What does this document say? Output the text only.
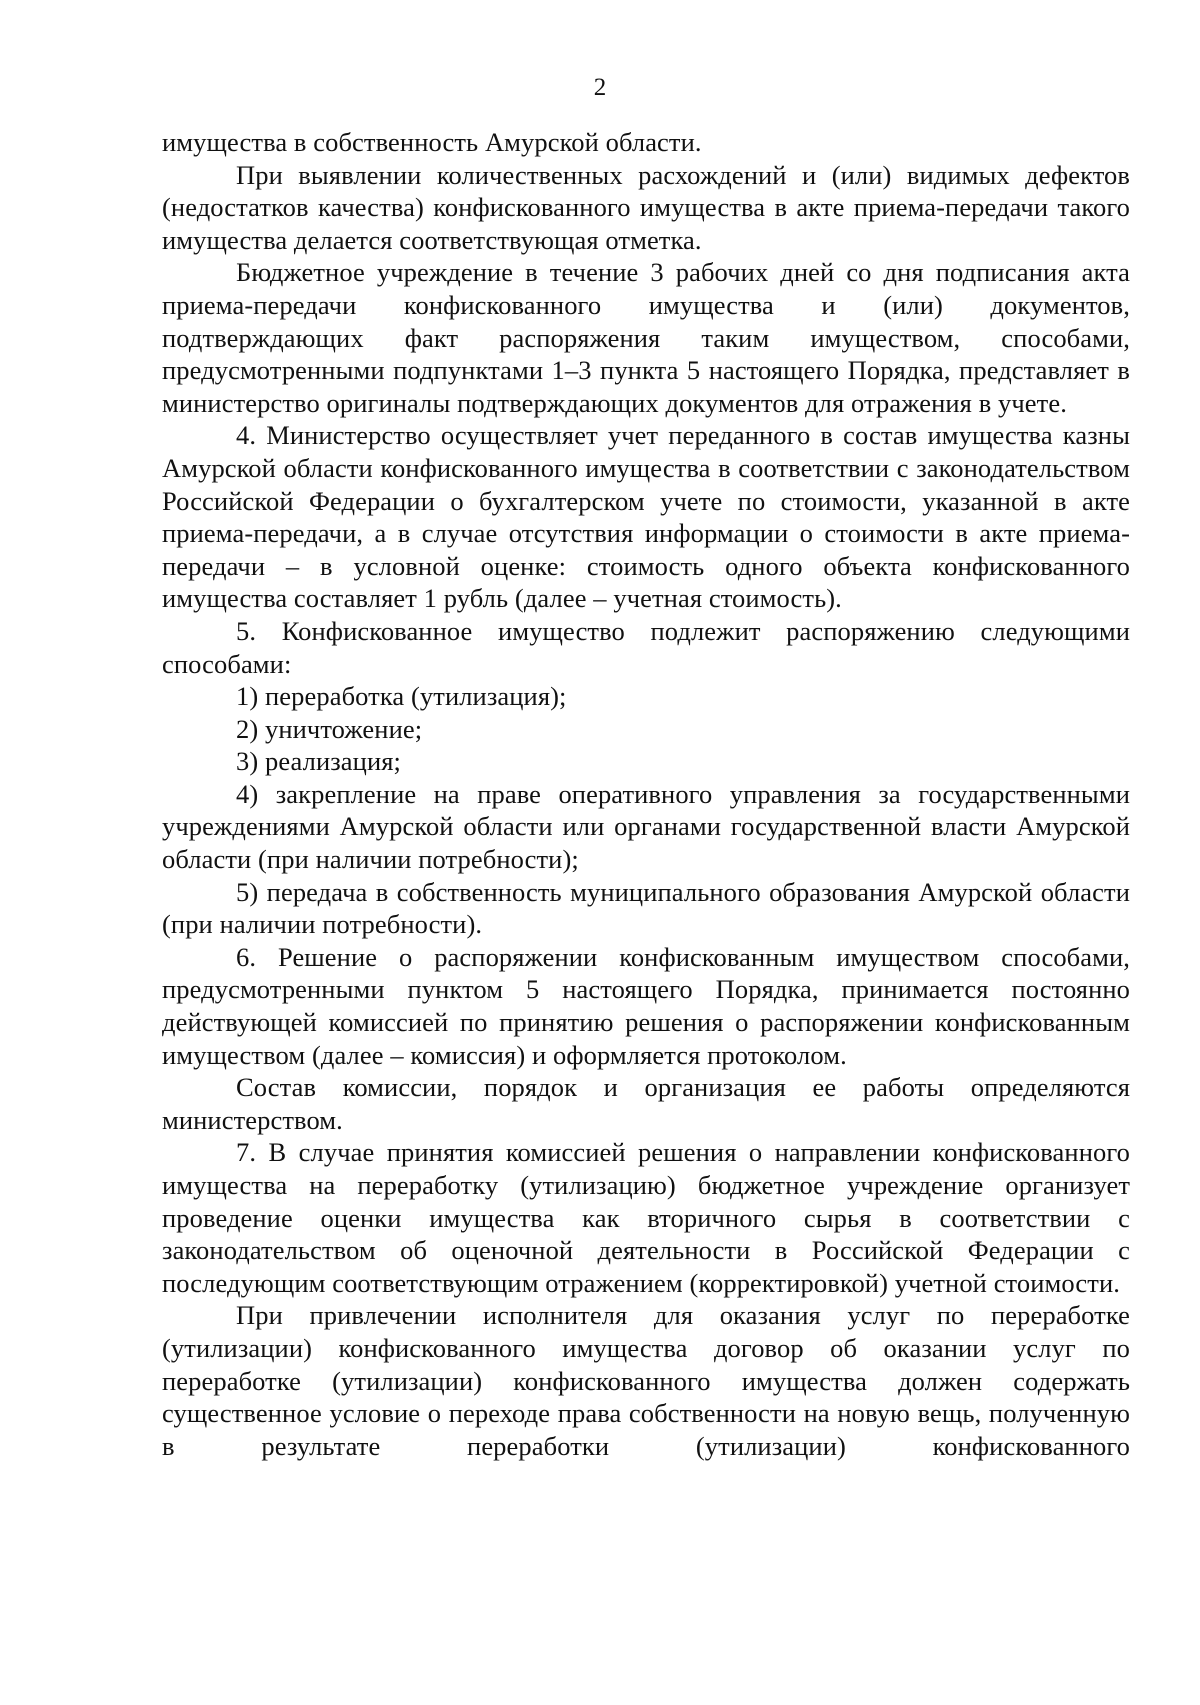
2

имущества в собственность Амурской области.

При выявлении количественных расхождений и (или) видимых дефектов (недостатков качества) конфискованного имущества в акте приема-передачи такого имущества делается соответствующая отметка.

Бюджетное учреждение в течение 3 рабочих дней со дня подписания акта приема-передачи конфискованного имущества и (или) документов, подтверждающих факт распоряжения таким имуществом, способами, предусмотренными подпунктами 1–3 пункта 5 настоящего Порядка, представляет в министерство оригиналы подтверждающих документов для отражения в учете.

4. Министерство осуществляет учет переданного в состав имущества казны Амурской области конфискованного имущества в соответствии с законодательством Российской Федерации о бухгалтерском учете по стоимости, указанной в акте приема-передачи, а в случае отсутствия информации о стоимости в акте приема-передачи – в условной оценке: стоимость одного объекта конфискованного имущества составляет 1 рубль (далее – учетная стоимость).

5. Конфискованное имущество подлежит распоряжению следующими способами:

1) переработка (утилизация);

2) уничтожение;

3) реализация;

4) закрепление на праве оперативного управления за государственными учреждениями Амурской области или органами государственной власти Амурской области (при наличии потребности);

5) передача в собственность муниципального образования Амурской области (при наличии потребности).

6. Решение о распоряжении конфискованным имуществом способами, предусмотренными пунктом 5 настоящего Порядка, принимается постоянно действующей комиссией по принятию решения о распоряжении конфискованным имуществом (далее – комиссия) и оформляется протоколом.

Состав комиссии, порядок и организация ее работы определяются министерством.

7. В случае принятия комиссией решения о направлении конфискованного имущества на переработку (утилизацию) бюджетное учреждение организует проведение оценки имущества как вторичного сырья в соответствии с законодательством об оценочной деятельности в Российской Федерации с последующим соответствующим отражением (корректировкой) учетной стоимости.

При привлечении исполнителя для оказания услуг по переработке (утилизации) конфискованного имущества договор об оказании услуг по переработке (утилизации) конфискованного имущества должен содержать существенное условие о переходе права собственности на новую вещь, полученную в результате переработки (утилизации) конфискованного
